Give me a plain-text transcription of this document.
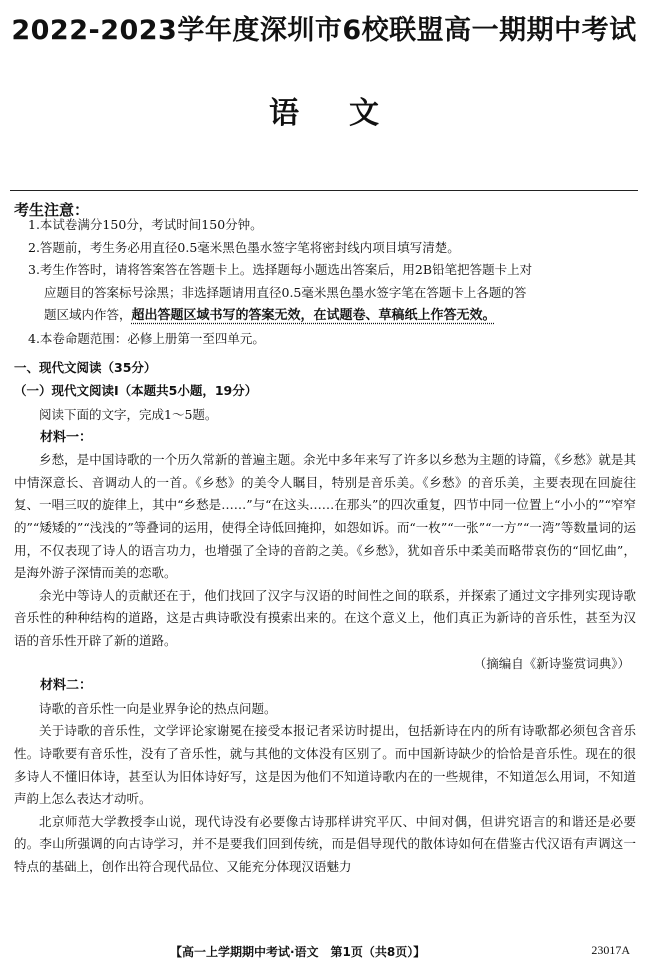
2022-2023学年度深圳市6校联盟高一期期中考试
语文
考生注意：
1.本试卷满分150分，考试时间150分钟。
2.答题前，考生务必用直径0.5毫米黑色墨水签字笔将密封线内项目填写清楚。
3.考生作答时，请将答案答在答题卡上。选择题每小题选出答案后，用2B铅笔把答题卡上对
应题目的答案标号涂黑；非选择题请用直径0.5毫米黑色墨水签字笔在答题卡上各题的答
题区域内作答，超出答题区域书写的答案无效，在试题卷、草稿纸上作答无效。
4.本卷命题范围：必修上册第一至四单元。
一、现代文阅读（35分）
（一）现代文阅读Ⅰ（本题共5小题，19分）

阅读下面的文字，完成1～5题。

材料一：

乡愁，是中国诗歌的一个历久常新的普遍主题。余光中多年来写了许多以乡愁为主题的诗篇，《乡愁》就是其中情深意长、音调动人的一首。《乡愁》的美令人瞩目，特别是音乐美。《乡愁》的音乐美，主要表现在回旋往复、一唱三叹的旋律上，其中“乡愁是……”与“在这头……在那头”的四次重复，四节中同一位置上“小小的”“窄窄的”“矮矮的”“浅浅的”等叠词的运用，使得全诗低回掩抑，如怨如诉。而“一枚”“一张”“一方”“一湾”等数量词的运用，不仅表现了诗人的语言功力，也增强了全诗的音韵之美。《乡愁》，犹如音乐中柔美而略带哀伤的“回忆曲”，是海外游子深情而美的恋歌。

余光中等诗人的贡献还在于，他们找回了汉字与汉语的时间性之间的联系，并探索了通过文字排列实现诗歌音乐性的种种结构的道路，这是古典诗歌没有摸索出来的。在这个意义上，他们真正为新诗的音乐性，甚至为汉语的音乐性开辟了新的道路。

（摘编自《新诗鉴赏词典》）
材料二：

诗歌的音乐性一向是业界争论的热点问题。

关于诗歌的音乐性，文学评论家谢冕在接受本报记者采访时提出，包括新诗在内的所有诗歌都必须包含音乐性。诗歌要有音乐性，没有了音乐性，就与其他的文体没有区别了。而中国新诗缺少的恰恰是音乐性。现在的很多诗人不懂旧体诗，甚至认为旧体诗好写，这是因为他们不知道诗歌内在的一些规律，不知道怎么用词，不知道声韵上怎么表达才动听。

北京师范大学教授李山说，现代诗没有必要像古诗那样讲究平仄、中间对偶，但讲究语言的和谐还是必要的。李山所强调的向古诗学习，并不是要我们回到传统，而是倡导现代的散体诗如何在借鉴古代汉语有声调这一特点的基础上，创作出符合现代品位、又能充分体现汉语魅力

【高一上学期期中考试·语文　第1页（共8页）】	23017A
